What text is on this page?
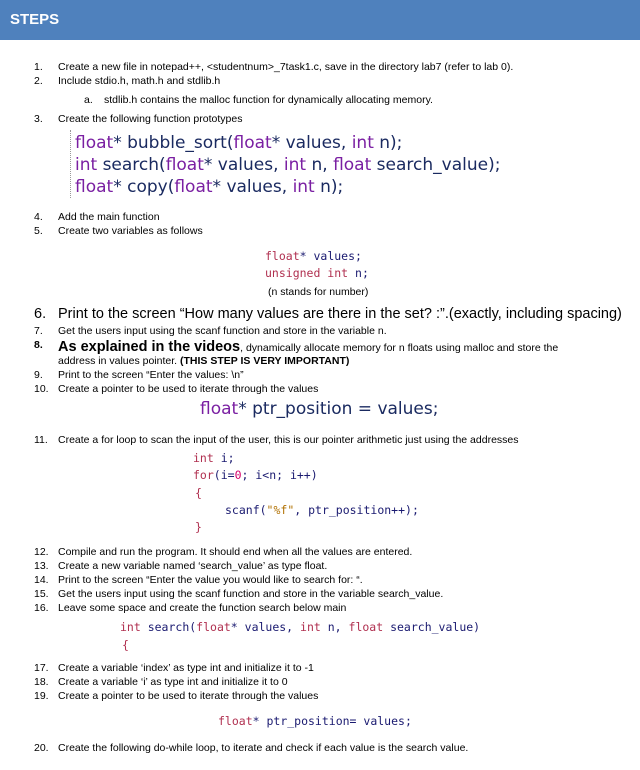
STEPS
1. Create a new file in notepad++, <studentnum>_7task1.c, save in the directory lab7 (refer to lab 0).
2. Include stdio.h, math.h and stdlib.h
a. stdlib.h contains the malloc function for dynamically allocating memory.
3. Create the following function prototypes
float* bubble_sort(float* values, int n);
int search(float* values, int n, float search_value);
float* copy(float* values, int n);
4. Add the main function
5. Create two variables as follows
float* values;
unsigned int n;
(n stands for number)
6. Print to the screen “How many values are there in the set? :”.(exactly, including spacing)
7. Get the users input using the scanf function and store in the variable n.
8. As explained in the videos, dynamically allocate memory for n floats using malloc and store the
address in values pointer. (THIS STEP IS VERY IMPORTANT)
9. Print to the screen “Enter the values: \n”
10. Create a pointer to be used to iterate through the values
float* ptr_position = values;
11. Create a for loop to scan the input of the user, this is our pointer arithmetic just using the addresses
int i;
for(i=0; i<n; i++)
{
scanf("%f", ptr_position++);
}
12. Compile and run the program. It should end when all the values are entered.
13. Create a new variable named ‘search_value’ as type float.
14. Print to the screen “Enter the value you would like to search for: “.
15. Get the users input using the scanf function and store in the variable search_value.
16. Leave some space and create the function search below main
int search(float* values, int n, float search_value)
{
17. Create a variable ‘index’ as type int and initialize it to -1
18. Create a variable ‘i’ as type int and initialize it to 0
19. Create a pointer to be used to iterate through the values
float* ptr_position= values;
20. Create the following do-while loop, to iterate and check if each value is the search value.
